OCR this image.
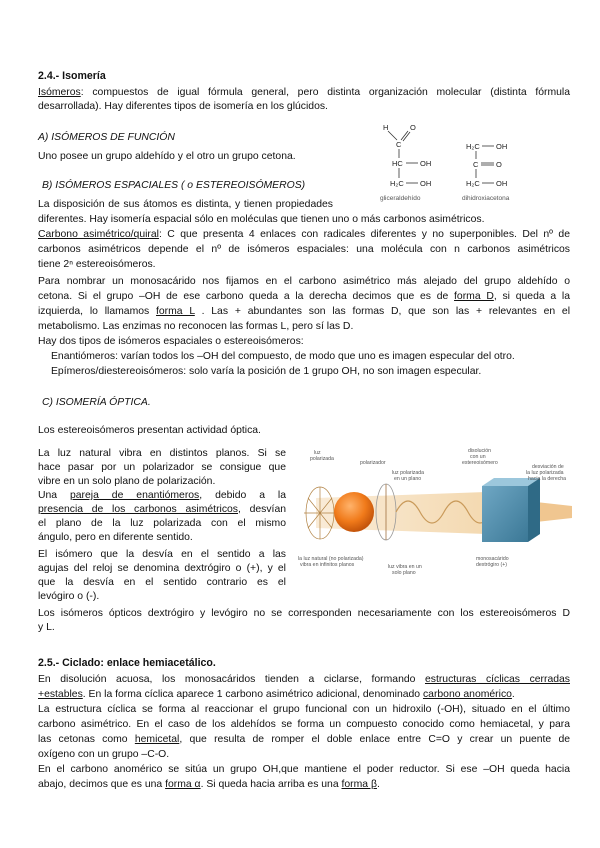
2.4.- Isomería
Isómeros: compuestos de igual fórmula general, pero distinta organización molecular (distinta fórmula
desarrollada). Hay diferentes tipos de isomería en los glúcidos.
A) ISÓMEROS DE FUNCIÓN
Uno posee un grupo aldehído y el otro un grupo cetona.
B) ISÓMEROS ESPACIALES ( o ESTEREOISÓMEROS)
La disposición de sus átomos es distinta, y tienen propiedades
diferentes. Hay isomería espacial sólo en moléculas que tienen uno o más carbonos asimétricos.
Carbono asimétrico/quiral: C que presenta 4 enlaces con radicales diferentes y no superponibles. Del nº de
carbonos asimétricos depende el nº de isómeros espaciales: una molécula con n carbonos asimétricos
tiene 2ⁿ estereoisómeros.
Para nombrar un monosacárido nos fijamos en el carbono asimétrico más alejado del grupo aldehído o
cetona. Si el grupo –OH de ese carbono queda a la derecha decimos que es de forma D, si queda a la
izquierda, lo llamamos forma L . Las + abundantes son las formas D, que son las + relevantes en el
metabolismo. Las enzimas no reconocen las formas L, pero sí las D.
Hay dos tipos de isómeros espaciales o estereoisómeros:
Enantiómeros: varían todos los –OH del compuesto, de modo que uno es imagen especular del otro.
Epímeros/diestereoisómeros: solo varía la posición de 1 grupo OH, no son imagen especular.
H	O
C
HC OH
H₂C OH
gliceraldehído
H₂C OH
C O
H₂C OH
dihidroxiacetona
C) ISOMERÍA ÓPTICA.
Los estereoisómeros presentan actividad óptica.
La luz natural vibra en distintos planos. Si se
hace pasar por un polarizador se consigue que
vibre en un solo plano de polarización.
Una pareja de enantiómeros, debido a la
presencia de los carbonos asimétricos, desvían
el plano de la luz polarizada con el mismo
ángulo, pero en diferente sentido.
El isómero que la desvía en el sentido a las
agujas del reloj se denomina dextrógiro o (+), y el
que la desvía en el sentido contrario es el
levógiro o (-).
Los isómeros ópticos dextrógiro y levógiro no se corresponden necesariamente con los estereoisómeros D
y L.
luz polarizada
polarizador
luz polarizada en un plano
disolución con un estereoisómero
desviación de la luz polarizada hacia la derecha
la luz natural (no polarizada) vibra en infinitos planos	luz vibra en un solo plano
monosacárido dextrógiro (+)
2.5.- Ciclado: enlace hemiacetálico.
En disolución acuosa, los monosacáridos tienden a ciclarse, formando estructuras cíclicas cerradas
+estables. En la forma cíclica aparece 1 carbono asimétrico adicional, denominado carbono anomérico.
La estructura cíclica se forma al reaccionar el grupo funcional con un hidroxilo (-OH), situado en el último
carbono asimétrico. En el caso de los aldehídos se forma un compuesto conocido como hemiacetal, y para
las cetonas como hemicetal, que resulta de romper el doble enlace entre C=O y crear un puente de
oxígeno con un grupo –C-O.
En el carbono anomérico se sitúa un grupo OH,que mantiene el poder reductor. Si ese –OH queda hacia
abajo, decimos que es una forma α. Si queda hacia arriba es una forma β.
